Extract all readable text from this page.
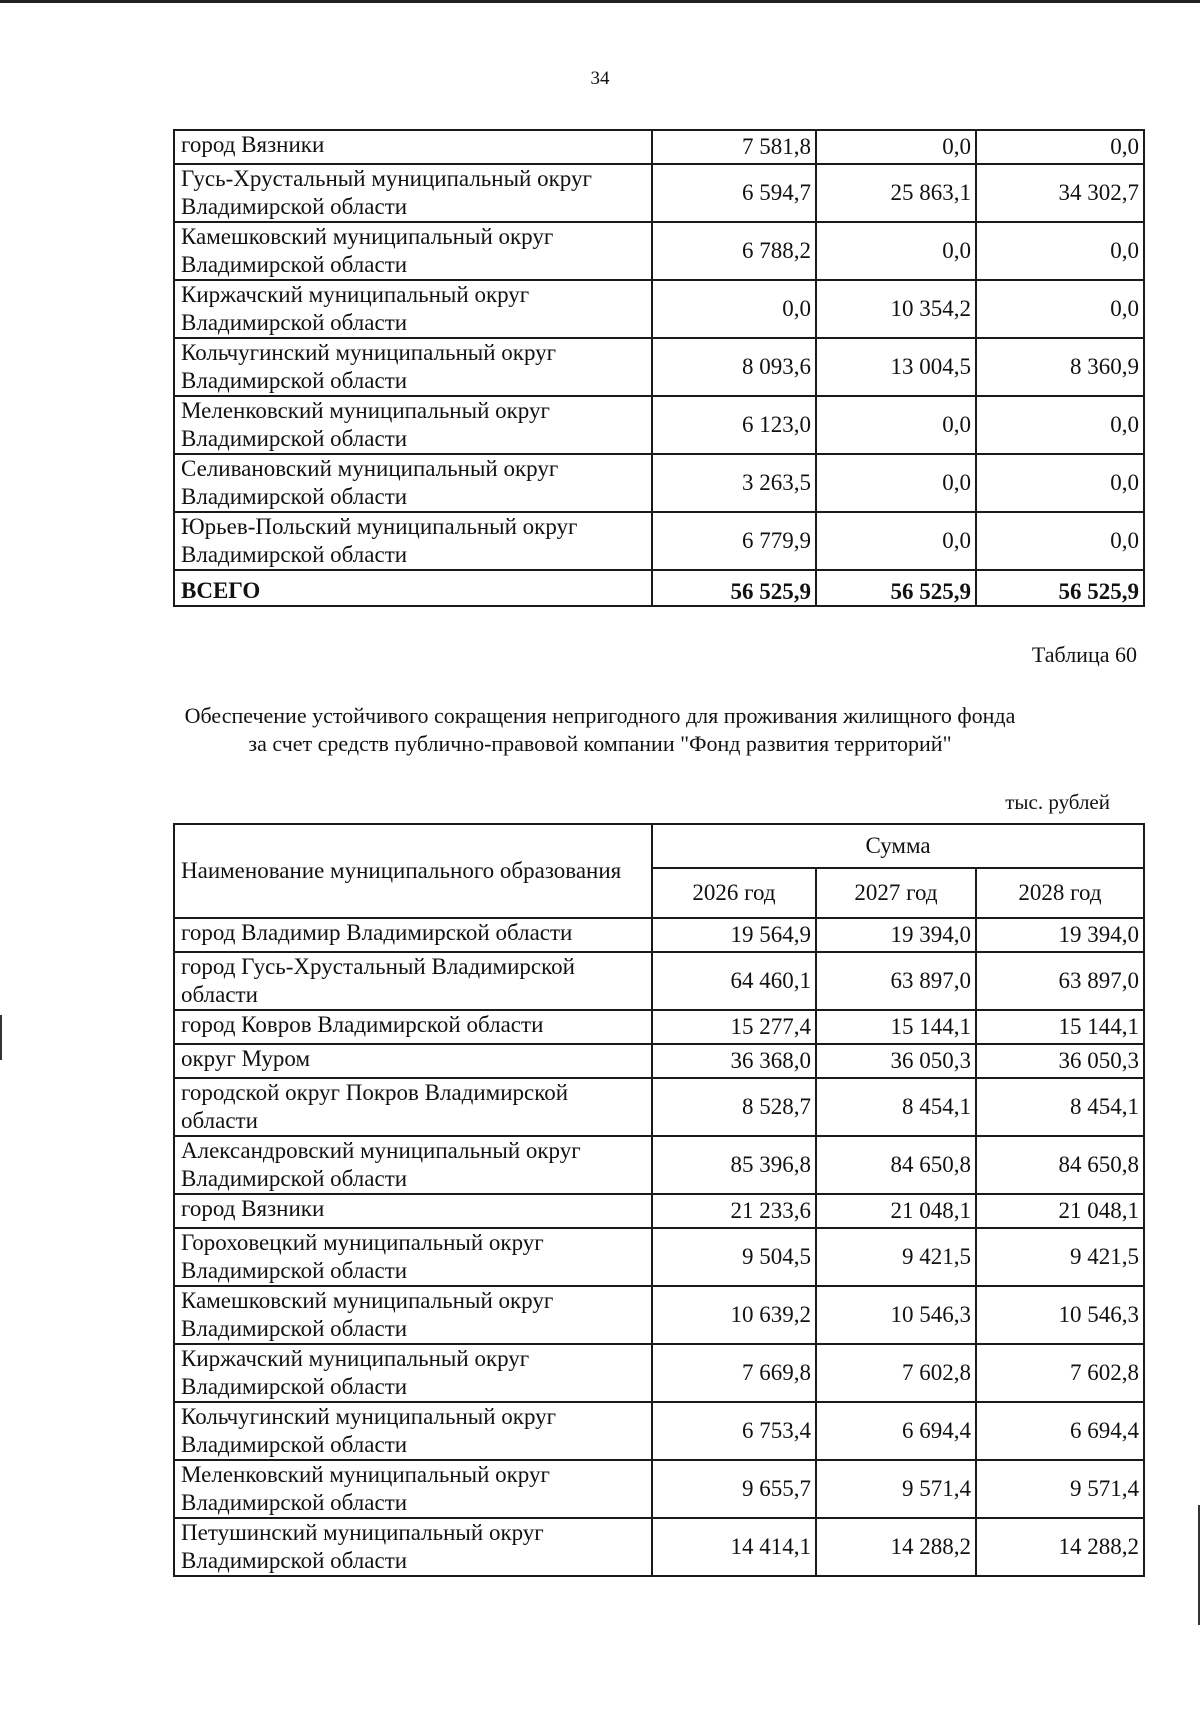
34
город Вязники	7 581,8	0,0	0,0
Гусь-Хрустальный муниципальный округ Владимирской области	6 594,7	25 863,1	34 302,7
Камешковский муниципальный округ Владимирской области	6 788,2	0,0	0,0
Киржачский муниципальный округ Владимирской области	0,0	10 354,2	0,0
Кольчугинский муниципальный округ Владимирской области	8 093,6	13 004,5	8 360,9
Меленковский муниципальный округ Владимирской области	6 123,0	0,0	0,0
Селивановский муниципальный округ Владимирской области	3 263,5	0,0	0,0
Юрьев-Польский муниципальный округ Владимирской области	6 779,9	0,0	0,0
ВСЕГО	56 525,9	56 525,9	56 525,9
Таблица 60
Обеспечение устойчивого сокращения непригодного для проживания жилищного фонда
за счет средств публично-правовой компании "Фонд развития территорий"
тыс. рублей
Наименование муниципального образования	Сумма		
	2026 год	2027 год	2028 год
город Владимир Владимирской области	19 564,9	19 394,0	19 394,0
город Гусь-Хрустальный Владимирской области	64 460,1	63 897,0	63 897,0
город Ковров Владимирской области	15 277,4	15 144,1	15 144,1
округ Муром	36 368,0	36 050,3	36 050,3
городской округ Покров Владимирской области	8 528,7	8 454,1	8 454,1
Александровский муниципальный округ Владимирской области	85 396,8	84 650,8	84 650,8
город Вязники	21 233,6	21 048,1	21 048,1
Гороховецкий муниципальный округ Владимирской области	9 504,5	9 421,5	9 421,5
Камешковский муниципальный округ Владимирской области	10 639,2	10 546,3	10 546,3
Киржачский муниципальный округ Владимирской области	7 669,8	7 602,8	7 602,8
Кольчугинский муниципальный округ Владимирской области	6 753,4	6 694,4	6 694,4
Меленковский муниципальный округ Владимирской области	9 655,7	9 571,4	9 571,4
Петушинский муниципальный округ Владимирской области	14 414,1	14 288,2	14 288,2
